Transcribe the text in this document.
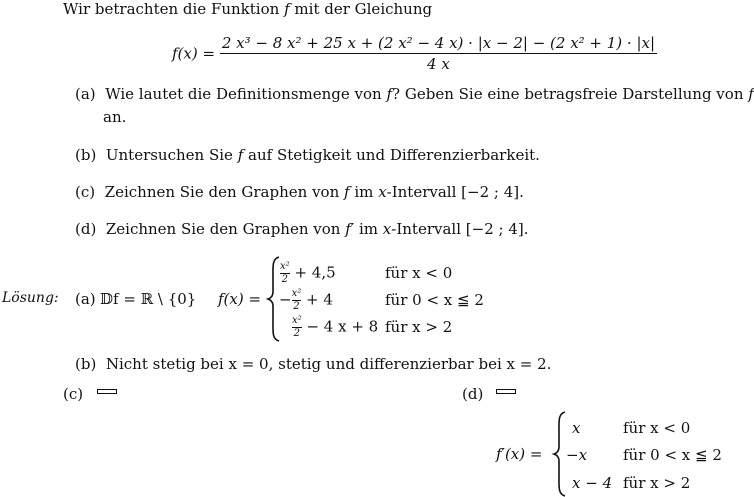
Wir betrachten die Funktion f mit der Gleichung
f(x) =
2 x³ − 8 x² + 25 x + (2 x² − 4 x) · |x − 2| − (2 x² + 1) · |x|
4 x
(a) Wie lautet die Definitionsmenge von f? Geben Sie eine betragsfreie Darstellung von f
an.
(b) Untersuchen Sie f auf Stetigkeit und Differenzierbarkeit.
(c) Zeichnen Sie den Graphen von f im x-Intervall [−2 ; 4].
(d) Zeichnen Sie den Graphen von f′ im x-Intervall [−2 ; 4].
Lösung: (a) 𝔻f = ℝ \ {0} f(x) =
$\frac{\text{x²}}{2} + 4,5$	für x < 0
$-\frac{\text{x²}}{2} + 4$	für 0 < x ≦ 2
$\frac{\text{x²}}{2} - 4$ x + 8 für x > 2
(b) Nicht stetig bei x = 0, stetig und differenzierbar bei x = 2.
(c)	(d)
f′(x) =
x	für x < 0
−x für 0 < x ≦ 2
x − 4 für x > 2
